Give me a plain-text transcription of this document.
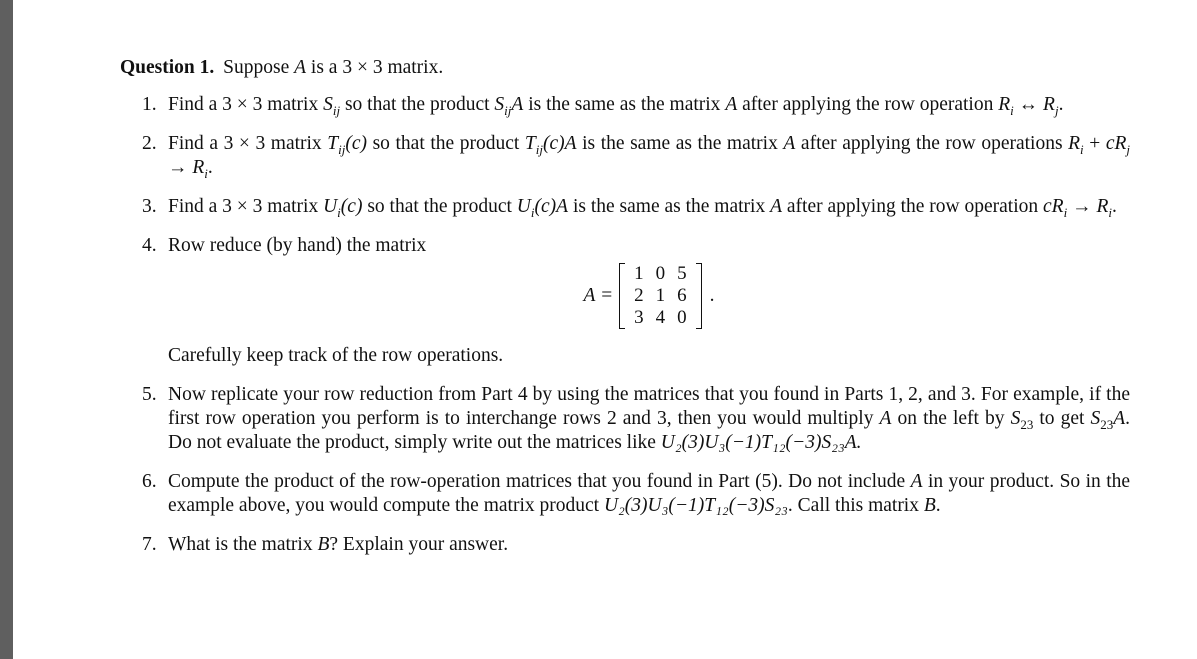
Question 1. Suppose A is a 3 × 3 matrix.

1. Find a 3 × 3 matrix $S_{ij}$ so that the product $S_{ij}A$ is the same as the matrix A after applying the row operation $R_i$ ↔ $R_j$.
2. Find a 3 × 3 matrix $T_{ij}(c)$ so that the product $T_{ij}(c)A$ is the same as the matrix A after applying the row operations $R_i + cR_j \to R_i$.
3. Find a 3 × 3 matrix $U_i(c)$ so that the product $U_i(c)A$ is the same as the matrix A after applying the row operation $cR_i \to R_i$.
4. Row reduce (by hand) the matrix
A =
1	0	5
2	1	6
3	4	0
.
Carefully keep track of the row operations.
5. Now replicate your row reduction from Part 4 by using the matrices that you found in Parts 1, 2, and 3. For example, if the first row operation you perform is to interchange rows 2 and 3, then you would multiply A on the left by $S_{23}$ to get $S_{23}A$. Do not evaluate the product, simply write out the matrices like U₂(3)U₃(−1)T₁₂(−3)S₂₃A.
6. Compute the product of the row-operation matrices that you found in Part (5). Do not include A in your product. So in the example above, you would compute the matrix product U₂(3)U₃(−1)T₁₂(−3)S₂₃. Call this matrix B.
7. What is the matrix B? Explain your answer.
